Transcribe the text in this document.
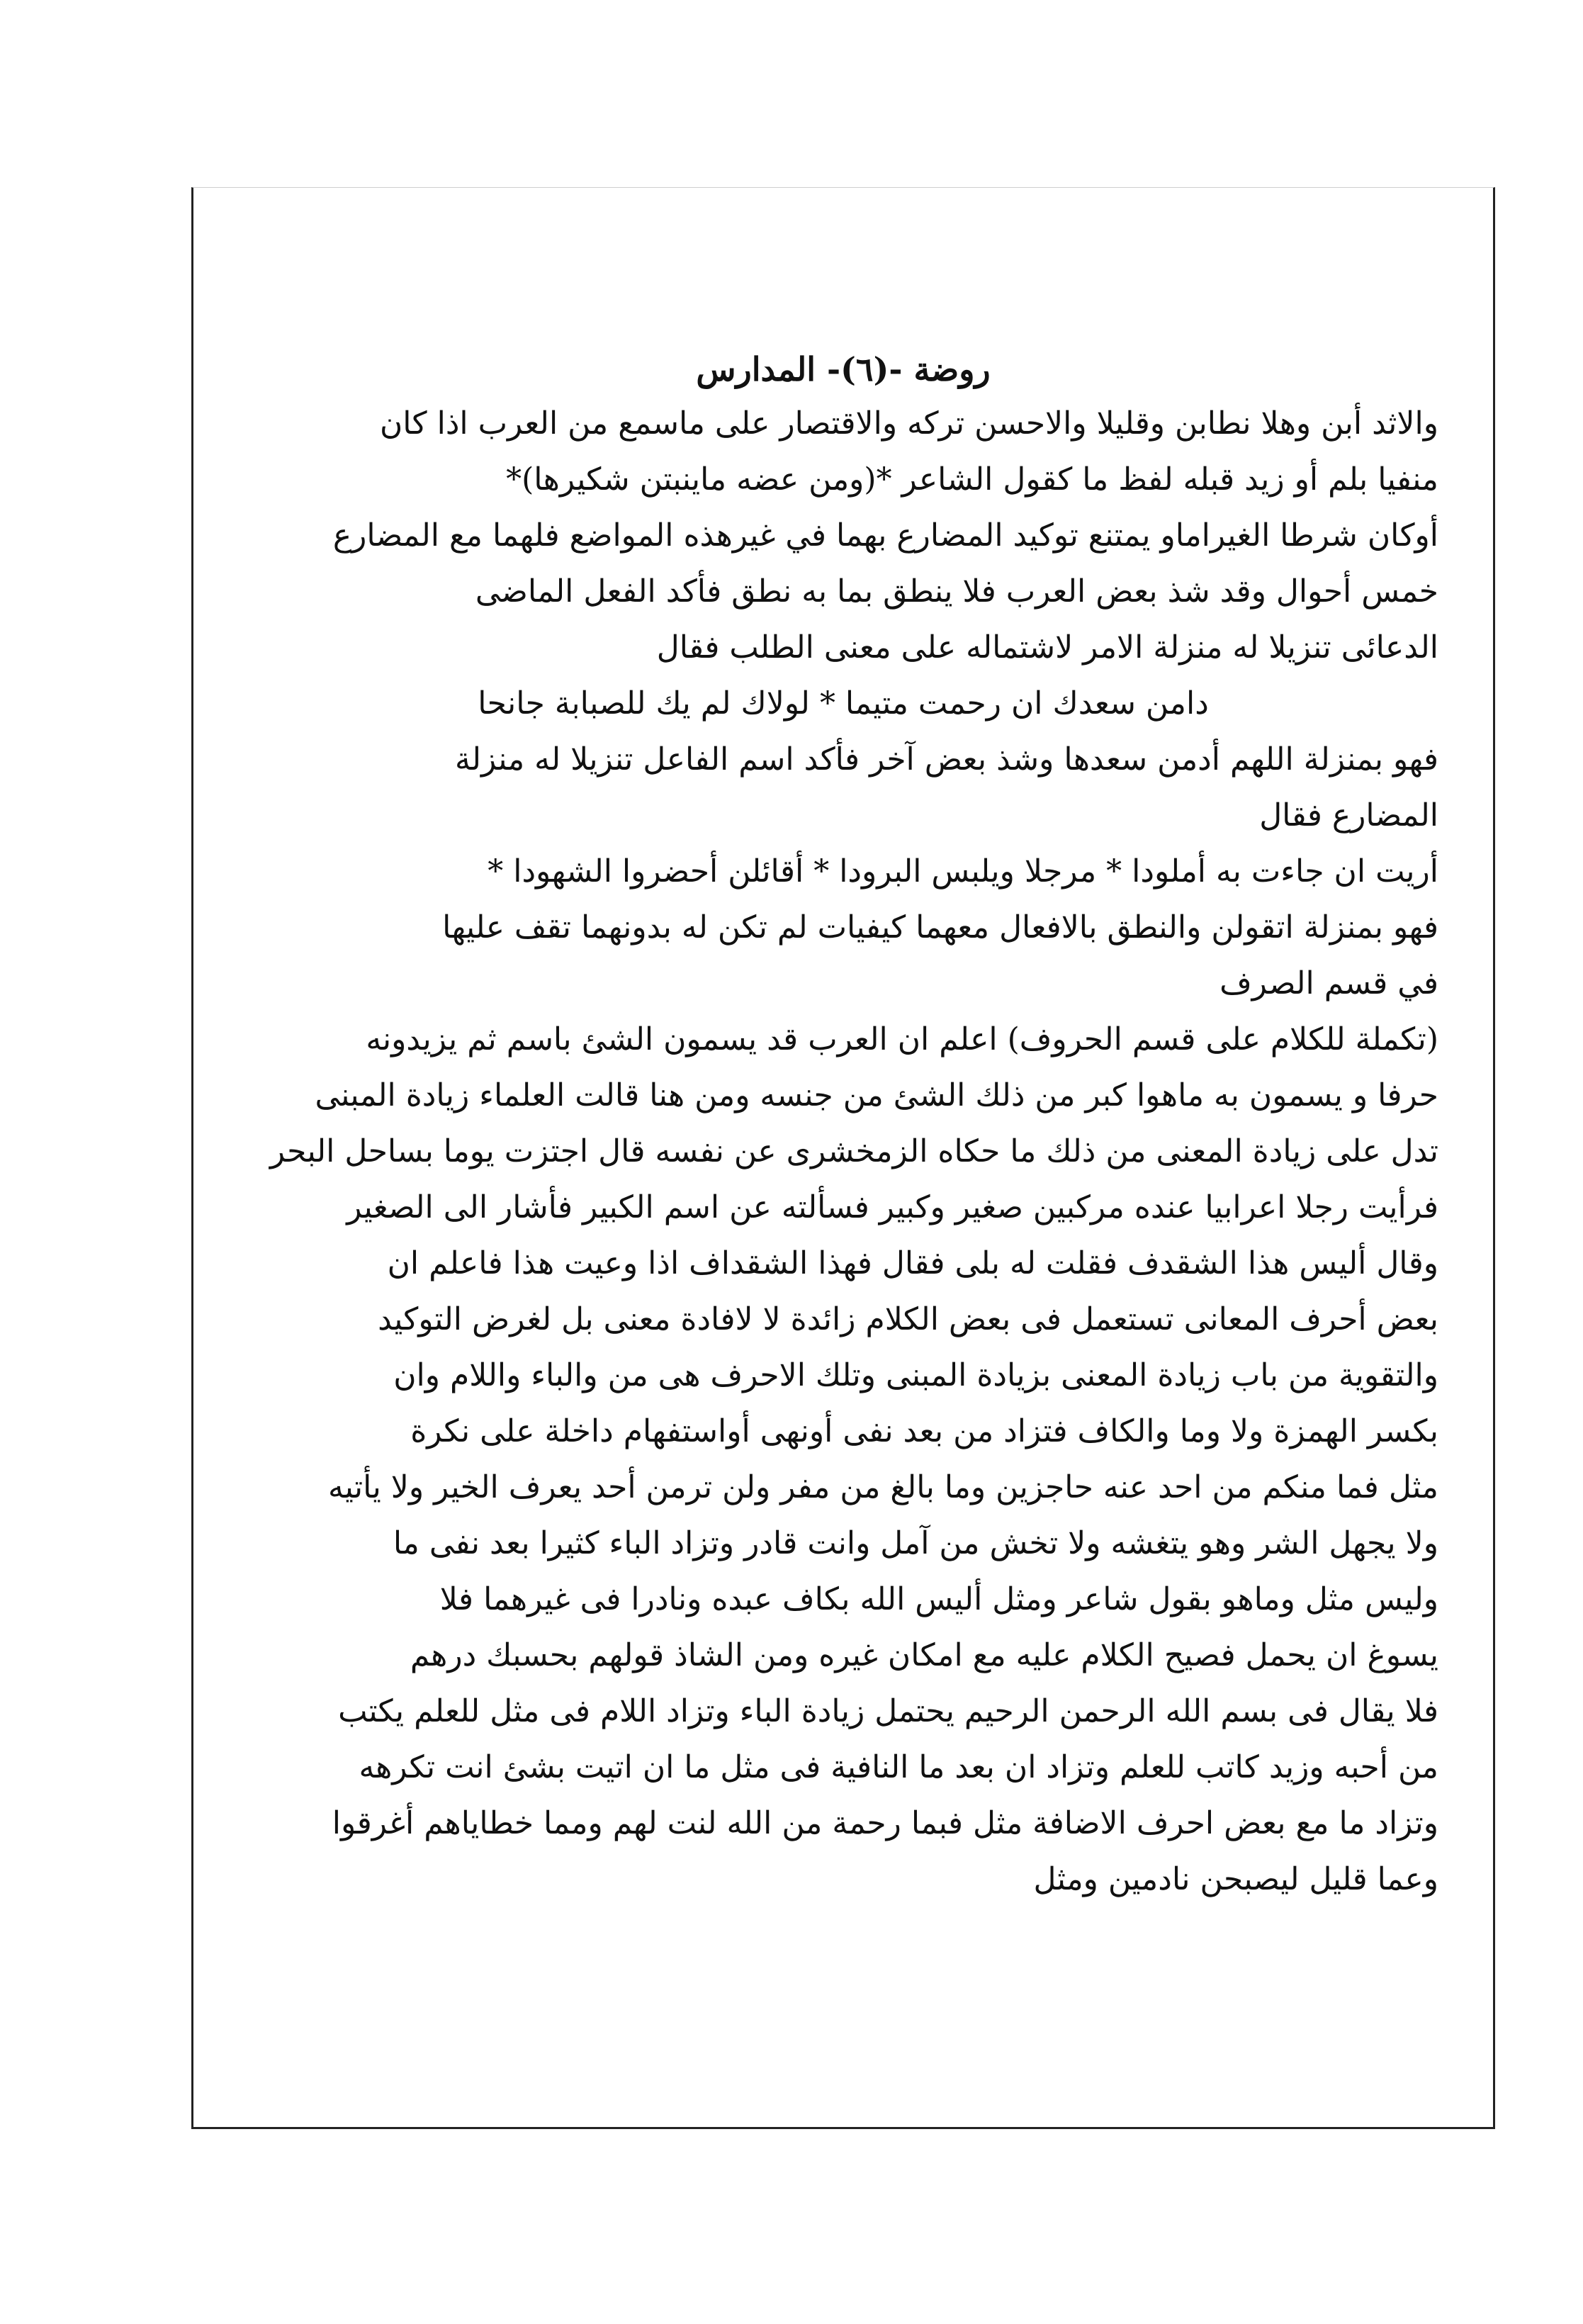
روضة -(٦)- المدارس
والاثد أبن وهلا نطابن وقليلا والاحسن تركه والاقتصار على ماسمع من العرب اذا كان
منفيا بلم أو زيد قبله لفظ ما كقول الشاعر *(ومن عضه ماينبتن شكيرها)*
أوكان شرطا الغيراماو يمتنع توكيد المضارع بهما في غيرهذه المواضع فلهما مع المضارع
خمس أحوال وقد شذ بعض العرب فلا ينطق بما به نطق فأكد الفعل الماضى
الدعائى تنزيلا له منزلة الامر لاشتماله على معنى الطلب فقال
دامن سعدك ان رحمت متيما * لولاك لم يك للصبابة جانحا
فهو بمنزلة اللهم أدمن سعدها وشذ بعض آخر فأكد اسم الفاعل تنزيلا له منزلة
المضارع فقال
أريت ان جاءت به أملودا * مرجلا ويلبس البرودا * أقائلن أحضروا الشهودا *
فهو بمنزلة اتقولن والنطق بالافعال معهما كيفيات لم تكن له بدونهما تقف عليها
في قسم الصرف
(تكملة للكلام على قسم الحروف) اعلم ان العرب قد يسمون الشئ باسم ثم يزيدونه
حرفا و يسمون به ماهوا كبر من ذلك الشئ من جنسه ومن هنا قالت العلماء زيادة المبنى
تدل على زيادة المعنى من ذلك ما حكاه الزمخشرى عن نفسه قال اجتزت يوما بساحل البحر
فرأيت رجلا اعرابيا عنده مركبين صغير وكبير فسألته عن اسم الكبير فأشار الى الصغير
وقال أليس هذا الشقدف فقلت له بلى فقال فهذا الشقداف اذا وعيت هذا فاعلم ان
بعض أحرف المعانى تستعمل فى بعض الكلام زائدة لا لافادة معنى بل لغرض التوكيد
والتقوية من باب زيادة المعنى بزيادة المبنى وتلك الاحرف هى من والباء واللام وان
بكسر الهمزة ولا وما والكاف فتزاد من بعد نفى أونهى أواستفهام داخلة على نكرة
مثل فما منكم من احد عنه حاجزين وما بالغ من مفر ولن ترمن أحد يعرف الخير ولا يأتيه
ولا يجهل الشر وهو يتغشه ولا تخش من آمل وانت قادر وتزاد الباء كثيرا بعد نفى ما
وليس مثل وماهو بقول شاعر ومثل أليس الله بكاف عبده ونادرا فى غيرهما فلا
يسوغ ان يحمل فصيح الكلام عليه مع امكان غيره ومن الشاذ قولهم بحسبك درهم
فلا يقال فى بسم الله الرحمن الرحيم يحتمل زيادة الباء وتزاد اللام فى مثل للعلم يكتب
من أحبه وزيد كاتب للعلم وتزاد ان بعد ما النافية فى مثل ما ان اتيت بشئ انت تكرهه
وتزاد ما مع بعض احرف الاضافة مثل فبما رحمة من الله لنت لهم ومما خطاياهم أغرقوا
وعما قليل ليصبحن نادمين ومثل
